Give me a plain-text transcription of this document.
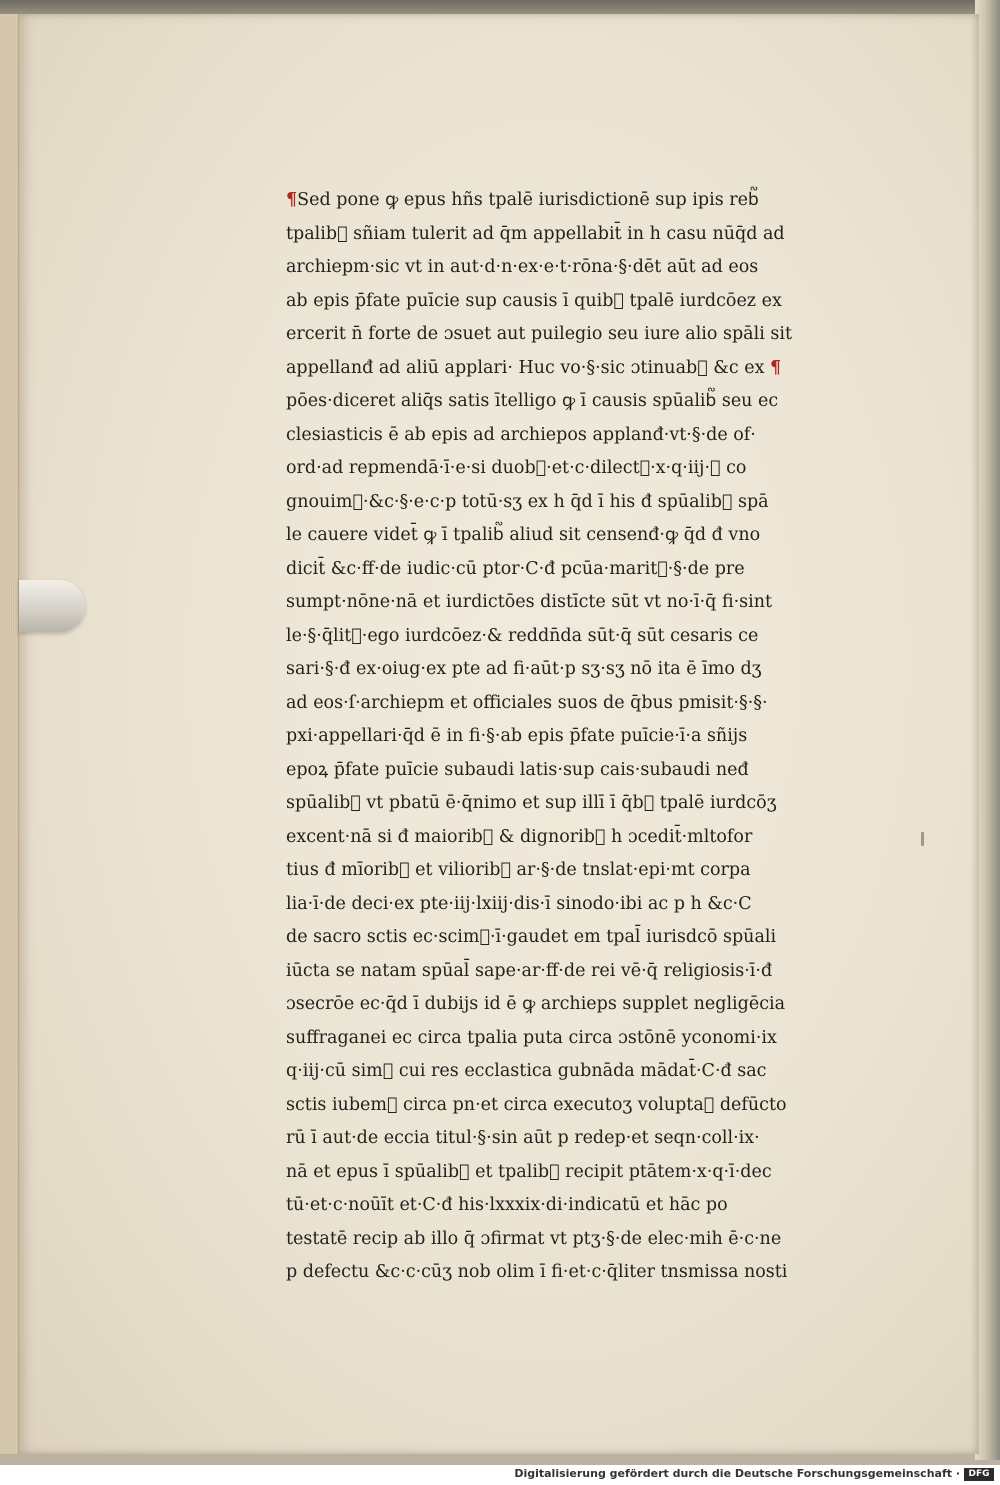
¶Sed pone ꝙ epus hñs tpalē iurisdictionē sup ipis reb᷑
tpalib᷑ sñiam tulerit ad q̄m appellabit̄ in h casu nūq̄d ad
archiepm·sic vt in aut·d·n·ex·e·t·rōna·§·dēt aūt ad eos
ab epis p̄fate puīcie sup causis ī quib᷑ tpalē iurdcōez ex
ercerit n̄ forte de ɔsuet aut puilegio seu iure alio spāli sit
appellanđ ad aliū applari· Huc vo·§·sic ɔtinuab᷑ &c ex ¶
pōes·diceret aliq̄s satis ītelligo ꝙ ī causis spūalib᷑ seu ec
clesiasticis ē ab epis ad archiepos applanđ·vt·§·de of·
ord·ad repmendā·ī·e·si duob᷑·et·c·dilect᷒·x·q·iij·ꝙ co
gnouim᷒·&c·§·e·c·p totū·sʒ ex h q̄d ī his đ spūalib᷑ spā
le cauere videt̄ ꝙ ī tpalib᷑ aliud sit censenđ·ꝙ q̄d đ vno
dicit̄ &c·ff·de iudic·cū ptor·C·đ pcūa·marit᷒·§·de pre
sumpt·nōne·nā et iurdictōes distīcte sūt vt no·ī·q̄ fi·sint
le·§·q̄lit᷑·ego iurdcōez·& reddn̄da sūt·q̄ sūt cesaris ce
sari·§·đ ex·oiug·ex pte ad fi·aūt·p sʒ·sʒ nō ita ē īmo dʒ
ad eos·ſ·archiepm et officiales suos de q̄bus pmisit·§·§·
pxi·appellari·q̄d ē in fi·§·ab epis p̄fate puīcie·ī·a sñijs
epoꝝ p̄fate puīcie subaudi latis·sup cais·subaudi neđ
spūalib᷑ vt pbatū ē·q̄nimo et sup illī ī q̄b᷑ tpalē iurdcōʒ
excent·nā si đ maiorib᷑ & dignorib᷑ h ɔcedit̄·mltofor
tius đ mīorib᷑ et viliorib᷑ ar·§·de tnslat·epi·mt corpa
lia·ī·de deci·ex pte·iij·lxiij·dis·ī sinodo·ibi ac p h &c·C
de sacro sctis ec·scim᷒·ī·gaudet em tpal̄ iurisdcō spūali
iūcta se natam spūal̄ sape·ar·ff·de rei vē·q̄ religiosis·ī·đ
ɔsecrōe ec·q̄d ī dubijs id ē ꝙ archieps supplet negligēcia
suffraganei ec circa tpalia puta circa ɔstōnē yconomi·ix
q·iij·cū sim᷒ cui res ecclastica gubnāda mādat̄·C·đ sac
sctis iubem᷒ circa pn·et circa executoʒ voluptaꝝ defūcto
rū ī aut·de eccia titul·§·sin aūt p redep·et seqn·coll·ix·
nā et epus ī spūalib᷑ et tpalib᷑ recipit ptātem·x·q·ī·dec
tū·et·c·noūīt et·C·đ his·lxxxix·di·indicatū et hāc po
testatē recip ab illo q̄ ɔfirmat vt ptʒ·§·de elec·mih ē·c·ne
p defectu &c·c·cūʒ nob olim ī fi·et·c·q̄liter tnsmissa nosti
Digitalisierung gefördert durch die Deutsche Forschungsgemeinschaft · DFG
